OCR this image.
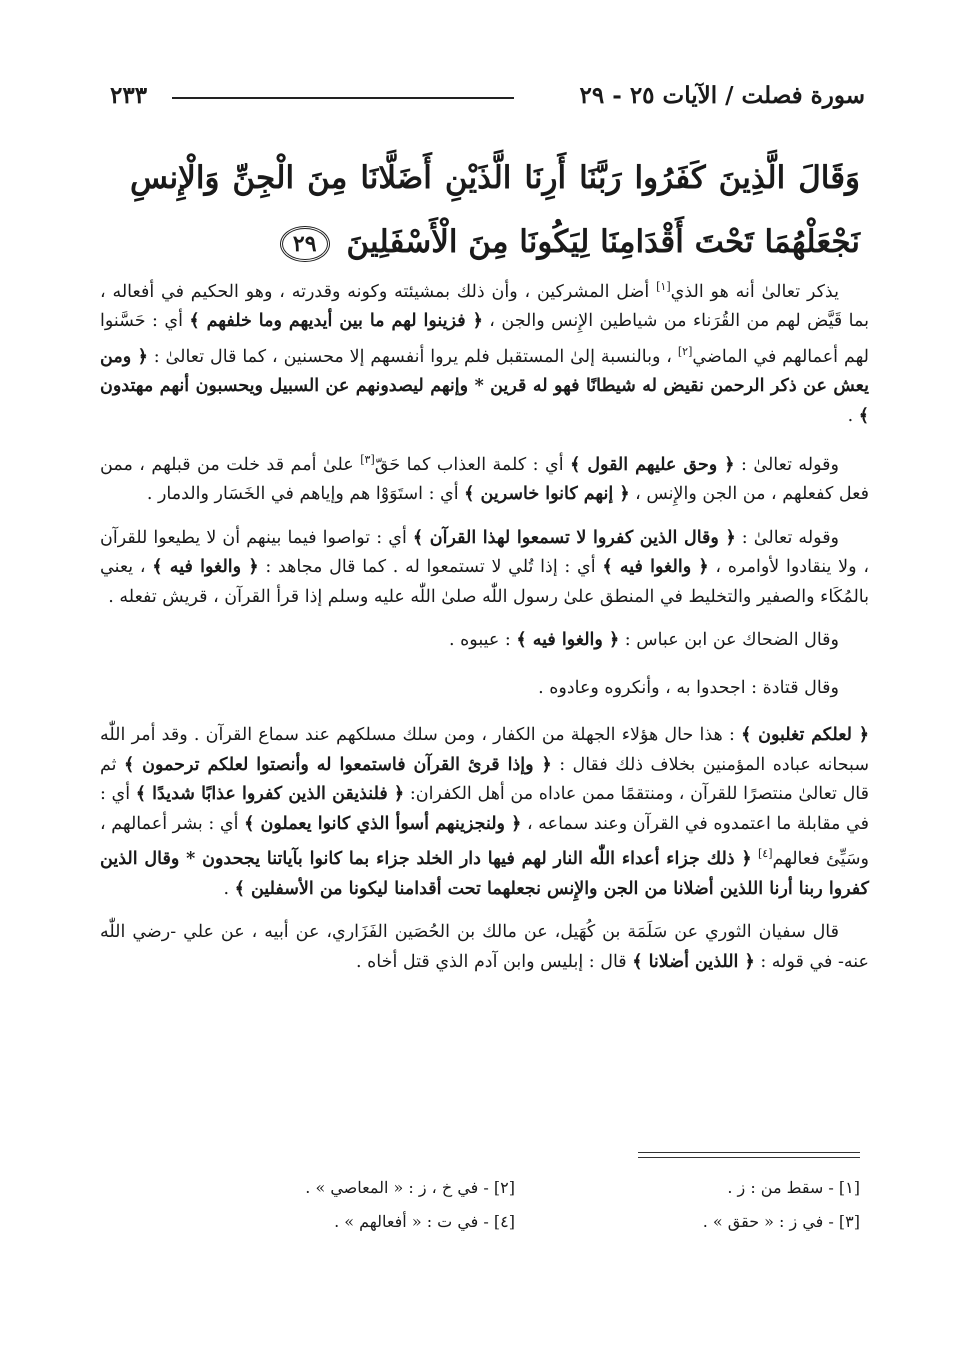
سورة فصلت / الآيات ٢٥ - ٢٩
٢٣٣
وَقَالَ الَّذِينَ كَفَرُوا رَبَّنَا أَرِنَا الَّذَيْنِ أَضَلَّانَا مِنَ الْجِنِّ وَالْإِنسِ نَجْعَلْهُمَا تَحْتَ أَقْدَامِنَا لِيَكُونَا مِنَ الْأَسْفَلِينَ ٢٩

يذكر تعالىٰ أنه هو الذي[١] أضل المشركين ، وأن ذلك بمشيئته وكونه وقدرته ، وهو الحكيم في أفعاله ، بما قَيَّض لهم من القُرَناء من شياطين الإِنس والجن ، ﴿ فزينوا لهم ما بين أيديهم وما خلفهم ﴾ أي : حَسَّنوا لهم أعمالهم في الماضي[٢] ، وبالنسبة إلىٰ المستقبل فلم يروا أنفسهم إلا محسنين ، كما قال تعالىٰ : ﴿ ومن يعش عن ذكر الرحمن نقيض له شيطانًا فهو له قرين * وإنهم ليصدونهم عن السبيل ويحسبون أنهم مهتدون ﴾ .

وقوله تعالىٰ : ﴿ وحق عليهم القول ﴾ أي : كلمة العذاب كما حَقّ[٣] علىٰ أمم قد خلت من قبلهم ، ممن فعل كفعلهم ، من الجن والإِنس ، ﴿ إنهم كانوا خاسرين ﴾ أي : استَوَوْا هم وإياهم في الخَسَار والدمار .

وقوله تعالىٰ : ﴿ وقال الذين كفروا لا تسمعوا لهذا القرآن ﴾ أي : تواصوا فيما بينهم أن لا يطيعوا للقرآن ، ولا ينقادوا لأوامره ، ﴿ والغوا فيه ﴾ أي : إذا تُلي لا تستمعوا له . كما قال مجاهد : ﴿ والغوا فيه ﴾ ، يعني بالمُكَاء والصفير والتخليط في المنطق علىٰ رسول اللّٰه صلىٰ اللّٰه عليه وسلم إذا قرأ القرآن ، قريش تفعله .

وقال الضحاك عن ابن عباس : ﴿ والغوا فيه ﴾ : عيبوه .

وقال قتادة : اجحدوا به ، وأنكروه وعادوه .

﴿ لعلكم تغلبون ﴾ : هذا حال هؤلاء الجهلة من الكفار ، ومن سلك مسلكهم عند سماع القرآن . وقد أمر اللّٰه سبحانه عباده المؤمنين بخلاف ذلك فقال : ﴿ وإذا قرئ القرآن فاستمعوا له وأنصتوا لعلكم ترحمون ﴾ ثم قال تعالىٰ منتصرًا للقرآن ، ومنتقمًا ممن عاداه من أهل الكفران: ﴿ فلنذيقن الذين كفروا عذابًا شديدًا ﴾ أي : في مقابلة ما اعتمدوه في القرآن وعند سماعه ، ﴿ ولنجزينهم أسوأ الذي كانوا يعملون ﴾ أي : بشر أعمالهم ، وسَيِّئ فعالهم[٤] ﴿ ذلك جزاء أعداء اللّٰه النار لهم فيها دار الخلد جزاء بما كانوا بآياتنا يجحدون * وقال الذين كفروا ربنا أرنا اللذين أضلانا من الجن والإِنس نجعلهما تحت أقدامنا ليكونا من الأسفلين ﴾ .

قال سفيان الثوري عن سَلَمَة بن كُهَيل، عن مالك بن الحُصَين الفَزَاري، عن أبيه ، عن علي -رضي اللّٰه عنه- في قوله : ﴿ اللذين أضلانا ﴾ قال : إبليس وابن آدم الذي قتل أخاه .

[١] - سقط من : ز .
[٢] - في خ ، ز : « المعاصي » .
[٣] - في ز : « حقق » .
[٤] - في ت : « أفعالهم » .
